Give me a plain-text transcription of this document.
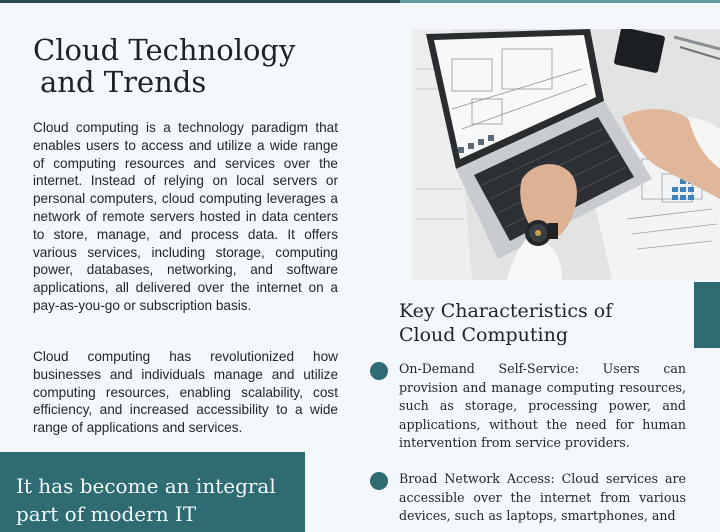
Cloud Technology
and Trends

Cloud computing is a technology paradigm that enables users to access and utilize a wide range of computing resources and services over the internet. Instead of relying on local servers or personal computers, cloud computing leverages a network of remote servers hosted in data centers to store, manage, and process data. It offers various services, including storage, computing power, databases, networking, and software applications, all delivered over the internet on a pay-as-you-go or subscription basis.

Cloud computing has revolutionized how businesses and individuals manage and utilize computing resources, enabling scalability, cost efficiency, and increased accessibility to a wide range of applications and services.

It has become an integral part of modern IT

Key Characteristics of
Cloud Computing

On-Demand Self-Service: Users can provision and manage computing resources, such as storage, processing power, and applications, without the need for human intervention from service providers.

Broad Network Access: Cloud services are accessible over the internet from various devices, such as laptops, smartphones, and
